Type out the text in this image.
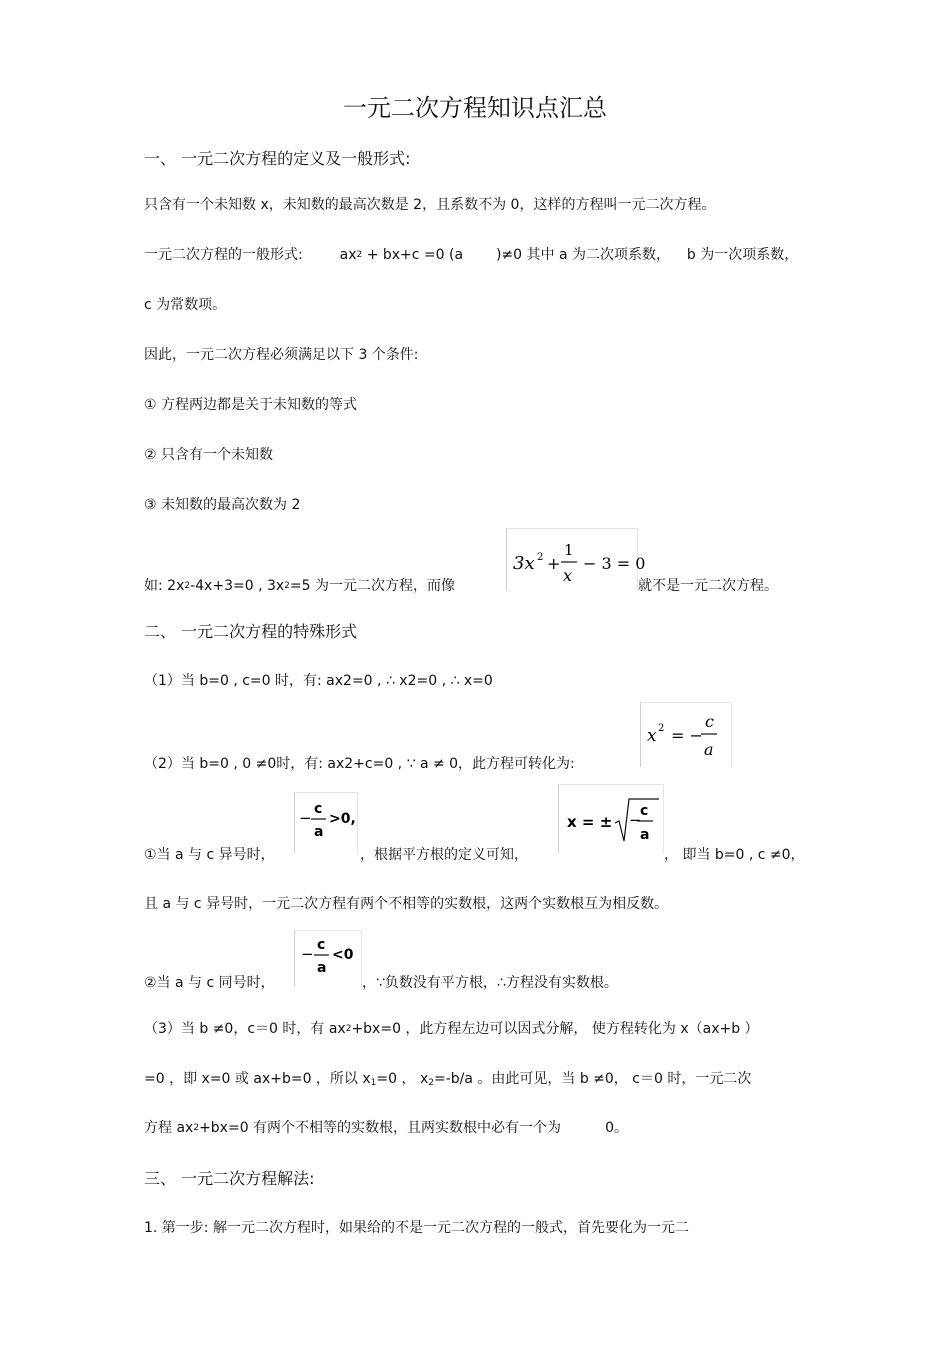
一元二次方程知识点汇总
一、 一元二次方程的定义及一般形式:
只含有一个未知数 x，未知数的最高次数是 2，且系数不为 0，这样的方程叫一元二次方程。
一元二次方程的一般形式:	$ax^2 + bx+c =0$ (a )≠0 其中 a 为二次项系数， b 为一次项系数，
c 为常数项。
因此，一元二次方程必须满足以下 3 个条件:
① 方程两边都是关于未知数的等式
② 只含有一个未知数
③ 未知数的最高次数为 2
如: $2x^2-4x+3=0$ , $3x^2=5$ 为一元二次方程，而像
3x 2 +
1
x
− 3 = 0
就不是一元二次方程。
二、 一元二次方程的特殊形式
（1）当 b=0 , c=0 时，有: ax2=0 , ∴ x2=0 , ∴ x=0
（2）当 b=0 , 0 ≠0时，有: ax2+c=0 , ∵ a ≠ 0，此方程可转化为:
x 2 = −
c
a
①当 a 与 c 异号时，
− c
a
>0,
，根据平方根的定义可知，
x = ± −
c
a
， 即当 b=0 , c ≠0，
且 a 与 c 异号时，一元二次方程有两个不相等的实数根，这两个实数根互为相反数。
②当 a 与 c 同号时，
− c
a
<0
，∵负数没有平方根，∴方程没有实数根。
（3）当 b ≠0，c＝0 时，有 $ax^2+bx=0$ ，此方程左边可以因式分解， 使方程转化为 x（ax+b ）
=0 ，即 x=0 或 ax+b=0 ，所以 $x_1=0$ ， $x_2=-b/a$ 。由此可见，当 b ≠0， c＝0 时，一元二次
方程 $ax^2+bx=0$ 有两个不相等的实数根，且两实数根中必有一个为	0。
三、 一元二次方程解法:
1. 第一步: 解一元二次方程时，如果给的不是一元二次方程的一般式，首先要化为一元二
